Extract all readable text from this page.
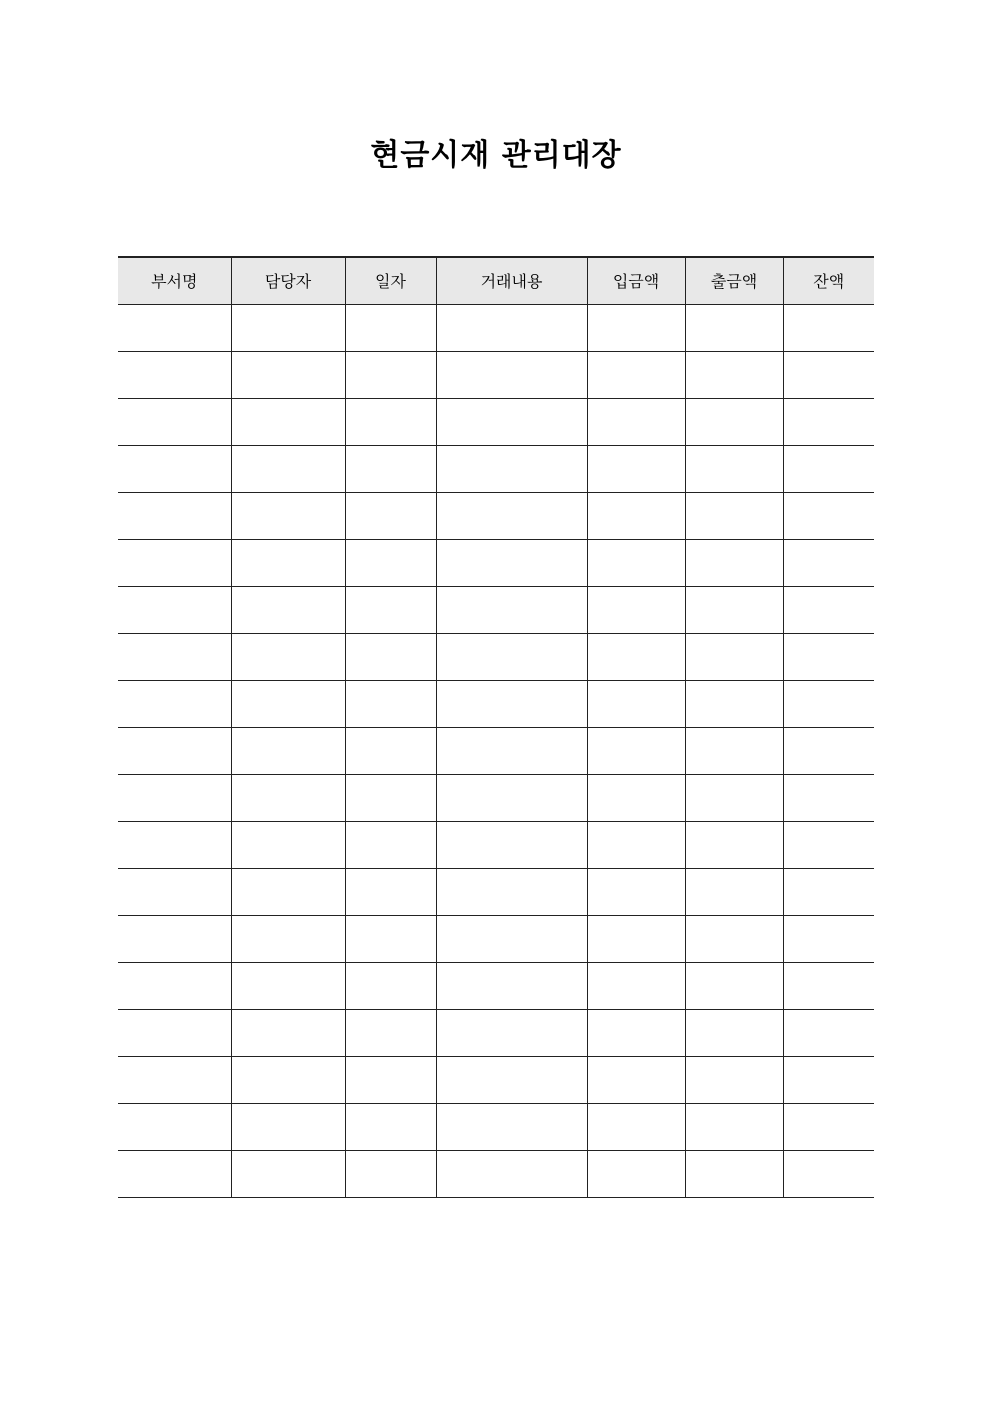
현금시재 관리대장
부서명	담당자	일자	거래내용	입금액	출금액	잔액
